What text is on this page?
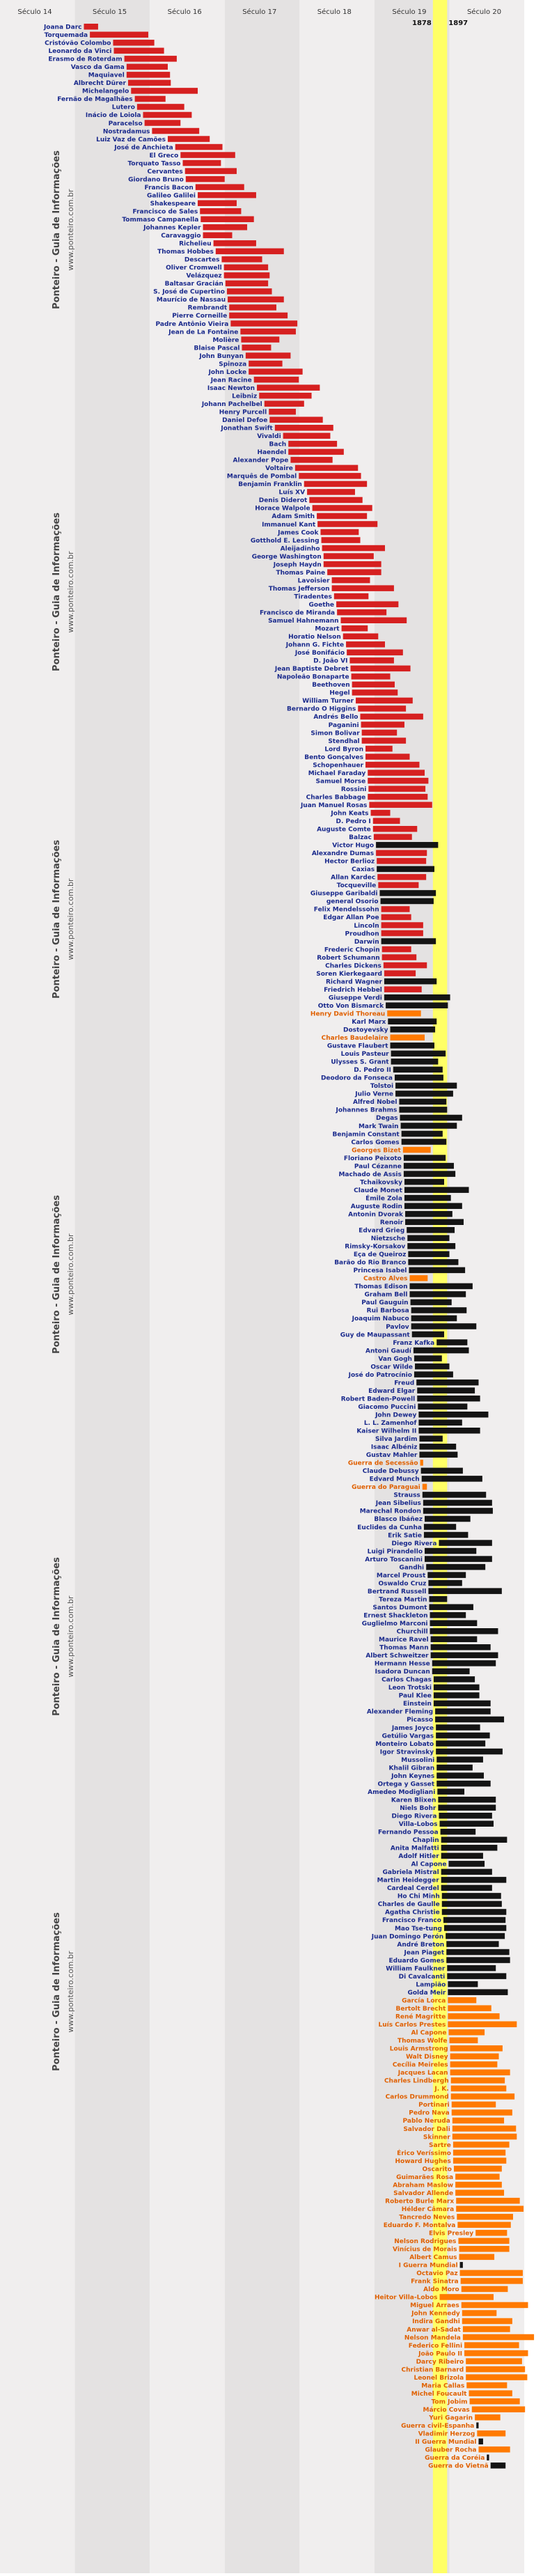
Século 14	Século 15	Século 16	Século 17	Século 18	Século 19	Século 20
1878 1897
Ponteiro - Guia de Informações www.ponteiro.com.br
Ponteiro - Guia de Informações www.ponteiro.com.br
Ponteiro - Guia de Informações www.ponteiro.com.br
Ponteiro - Guia de Informações www.ponteiro.com.br
Ponteiro - Guia de Informações www.ponteiro.com.br
Ponteiro - Guia de Informações www.ponteiro.com.br
Joana Darc
Torquemada
Cristóvão Colombo
Leonardo da Vinci
Erasmo de Roterdam
Vasco da Gama
Maquiavel
Albrecht Dürer
Michelangelo
Fernão de Magalhães
Lutero
Inácio de Loiola
Paracelso
Nostradamus
Luiz Vaz de Camões
José de Anchieta
El Greco
Torquato Tasso
Cervantes
Giordano Bruno
Francis Bacon
Galileo Galilei
Shakespeare
Francisco de Sales
Tommaso Campanella
Johannes Kepler
Caravaggio
Richelieu
Thomas Hobbes
Descartes
Oliver Cromwell
Velázquez
Baltasar Gracián
S. José de Cupertino
Maurício de Nassau
Rembrandt
Pierre Corneille
Padre Antônio Vieira
Jean de La Fontaine
Molière
Blaise Pascal
John Bunyan
Spinoza
John Locke
Jean Racine
Isaac Newton
Leibniz
Johann Pachelbel
Henry Purcell
Daniel Defoe
Jonathan Swift
Vivaldi
Bach
Haendel
Alexander Pope
Voltaire
Marquês de Pombal
Benjamin Franklin
Luís XV
Denis Diderot
Horace Walpole
Adam Smith
Immanuel Kant
James Cook
Gotthold E. Lessing
Aleijadinho
George Washington
Joseph Haydn
Thomas Paine
Lavoisier
Thomas Jefferson
Tiradentes
Goethe
Francisco de Miranda
Samuel Hahnemann
Mozart
Horatio Nelson
Johann G. Fichte
José Bonifácio
D. João VI
Jean Baptiste Debret
Napoleão Bonaparte
Beethoven
Hegel
William Turner
Bernardo O Higgins
Andrés Bello
Paganini
Simon Bolivar
Stendhal
Lord Byron
Bento Gonçalves
Schopenhauer
Michael Faraday
Samuel Morse
Rossini
Charles Babbage
Juan Manuel Rosas
John Keats
D. Pedro I
Auguste Comte
Balzac
Victor Hugo
Alexandre Dumas
Hector Berlioz
Caxias
Allan Kardec
Tocqueville
Giuseppe Garibaldi
general Osorio
Felix Mendelssohn
Edgar Allan Poe
Lincoln
Proudhon
Darwin
Frederic Chopin
Robert Schumann
Charles Dickens
Soren Kierkegaard
Richard Wagner
Friedrich Hebbel
Giuseppe Verdi
Otto Von Bismarck
Henry David Thoreau
Karl Marx
Dostoyevsky
Charles Baudelaire
Gustave Flaubert
Louis Pasteur
Ulysses S. Grant
D. Pedro II
Deodoro da Fonseca
Tolstoi
Julio Verne
Alfred Nobel
Johannes Brahms
Degas
Mark Twain
Benjamin Constant
Carlos Gomes
Georges Bizet
Floriano Peixoto
Paul Cézanne
Machado de Assis
Tchaikovsky
Claude Monet
Émile Zola
Auguste Rodin
Antonin Dvorak
Renoir
Edvard Grieg
Nietzsche
Rimsky-Korsakov
Eça de Queiroz
Barão do Rio Branco
Princesa Isabel
Castro Alves
Thomas Edison
Graham Bell
Paul Gauguin
Rui Barbosa
Joaquim Nabuco
Pavlov
Guy de Maupassant
Franz Kafka
Antoni Gaudí
Van Gogh
Oscar Wilde
José do Patrocínio
Freud
Edward Elgar
Robert Baden-Powell
Giacomo Puccini
John Dewey
L. L. Zamenhof
Kaiser Wilhelm II
Silva Jardim
Isaac Albéniz
Gustav Mahler
Guerra de Secessão
Claude Debussy
Edvard Munch
Guerra do Paraguai
Strauss
Jean Sibelius
Marechal Rondon
Blasco Ibáñez
Euclides da Cunha
Erik Satie
Diego Rivera
Luigi Pirandello
Arturo Toscanini
Gandhi
Marcel Proust
Oswaldo Cruz
Bertrand Russell
Tereza Martin
Santos Dumont
Ernest Shackleton
Guglielmo Marconi
Churchill
Maurice Ravel
Thomas Mann
Albert Schweitzer
Hermann Hesse
Isadora Duncan
Carlos Chagas
Leon Trotski
Paul Klee
Einstein
Alexander Fleming
Picasso
James Joyce
Getúlio Vargas
Monteiro Lobato
Igor Stravinsky
Mussolini
Khalil Gibran
John Keynes
Ortega y Gasset
Amedeo Modigliani
Karen Blixen
Niels Bohr
Diego Rivera
Villa-Lobos
Fernando Pessoa
Chaplin
Anita Malfatti
Adolf Hitler
Al Capone
Gabriela Mistral
Martin Heidegger
Cardeal Cerdel
Ho Chi Minh
Charles de Gaulle
Agatha Christie
Francisco Franco
Mao Tse-tung
Juan Domingo Perón
André Breton
Jean Piaget
Eduardo Gomes
William Faulkner
Di Cavalcanti
Lampião
Golda Meir
García Lorca
Bertolt Brecht
René Magritte
Luís Carlos Prestes
Al Capone
Thomas Wolfe
Louis Armstrong
Walt Disney
Cecília Meireles
Jacques Lacan
Charles Lindbergh
J. K.
Carlos Drummond
Portinari
Pedro Nava
Pablo Neruda
Salvador Dali
Skinner
Sartre
Érico Veríssimo
Howard Hughes
Oscarito
Guimarães Rosa
Abraham Maslow
Salvador Allende
Roberto Burle Marx
Hélder Câmara
Tancredo Neves
Eduardo F. Montalva
Elvis Presley
Nelson Rodrigues
Vinícius de Morais
Albert Camus
I Guerra Mundial
Octavio Paz
Frank Sinatra
Aldo Moro
Heitor Villa-Lobos
Miguel Arraes
John Kennedy
Indira Gandhi
Anwar al-Sadat
Nelson Mandela
Federico Fellini
João Paulo II
Darcy Ribeiro
Christian Barnard
Leonel Brizola
Maria Callas
Michel Foucault
Tom Jobim
Márcio Covas
Yuri Gagarin
Guerra civil-Espanha
Vladimir Herzog
II Guerra Mundial
Glauber Rocha
Guerra da Coréia
Guerra do Vietnã
